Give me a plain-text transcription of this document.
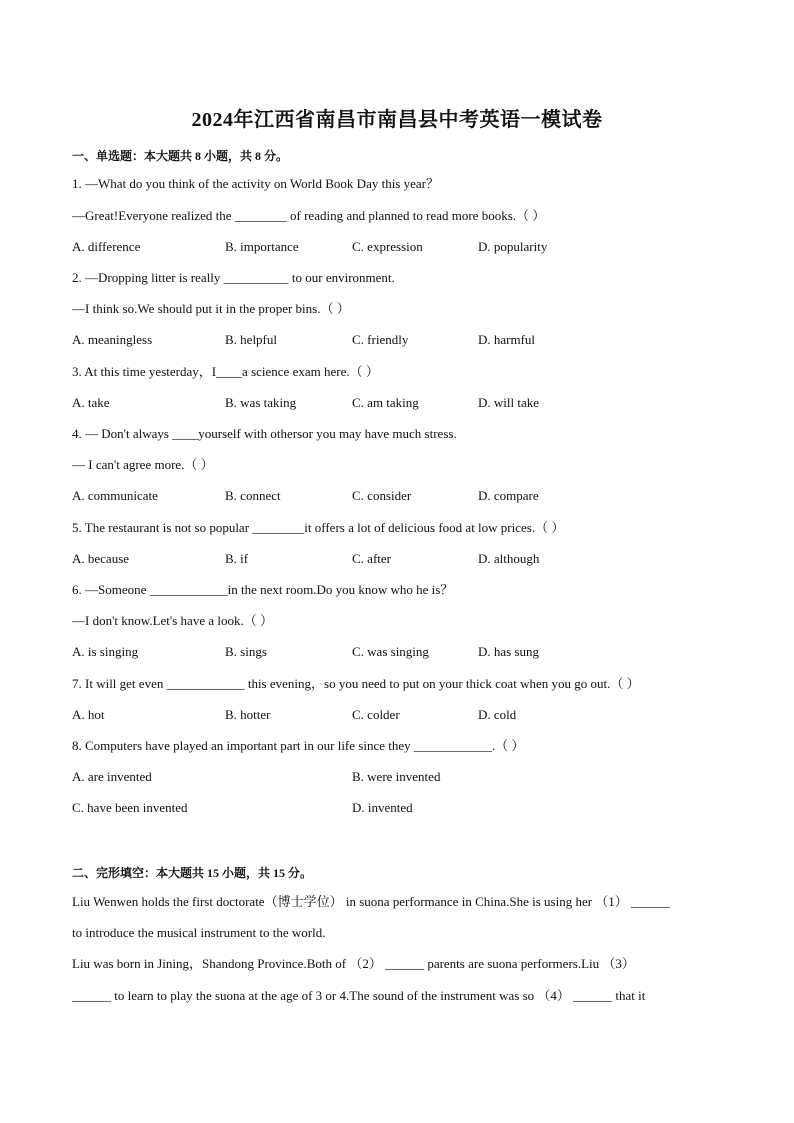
2024年江西省南昌市南昌县中考英语一模试卷
一、单选题：本大题共 8 小题，共 8 分。
1. —What do you think of the activity on World Book Day this year？
—Great!Everyone realized the ________ of reading and planned to read more books.（ ）
A. difference	B. importance	C. expression	D. popularity
2. —Dropping litter is really __________ to our environment.
—I think so.We should put it in the proper bins.（ ）
A. meaningless	B. helpful	C. friendly	D. harmful
3. At this time yesterday，I____a science exam here.（ ）
A. take	B. was taking	C. am taking	D. will take
4. — Don't always ____yourself with othersor you may have much stress.
— I can't agree more.（ ）
A. communicate	B. connect	C. consider	D. compare
5. The restaurant is not so popular ________it offers a lot of delicious food at low prices.（ ）
A. because	B. if	C. after	D. although
6. —Someone ____________in the next room.Do you know who he is？
—I don't know.Let's have a look.（ ）
A. is singing	B. sings	C. was singing	D. has sung
7. It will get even ____________ this evening，so you need to put on your thick coat when you go out.（ ）
A. hot	B. hotter	C. colder	D. cold
8. Computers have played an important part in our life since they ____________.（ ）
A. are invented	B. were invented
C. have been invented	D. invented
二、完形填空：本大题共 15 小题，共 15 分。
Liu Wenwen holds the first doctorate（博士学位） in suona performance in China.She is using her （1） ______
to introduce the musical instrument to the world.
Liu was born in Jining，Shandong Province.Both of （2） ______ parents are suona performers.Liu （3）
______ to learn to play the suona at the age of 3 or 4.The sound of the instrument was so （4） ______ that it
